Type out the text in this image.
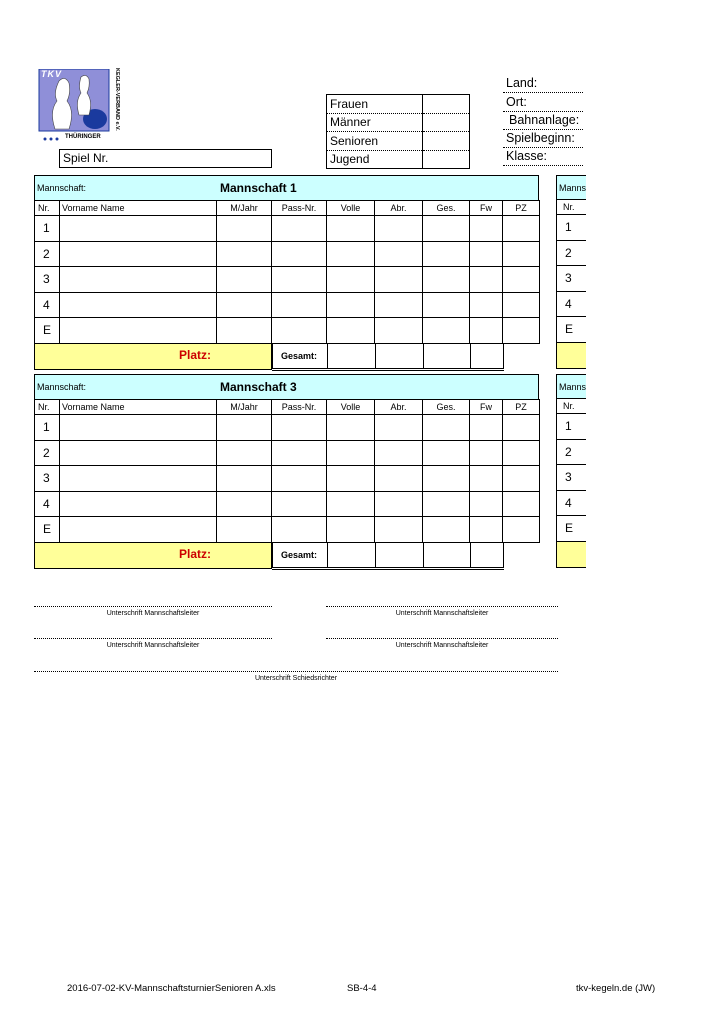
TKV
THÜRINGER
KEGLER-VERBAND e.V.	Frauen	
Männer	
Senioren	
Jugend	
Land:
Ort:
Bahnanlage:
Spielbeginn:
Klasse:
Spiel Nr.
Mannschaft:	Mannschaft 1
Nr.	Vorname Name	M/Jahr	Pass-Nr.	Volle	Abr.	Ges.	Fw	PZ
1								
2								
3								
4								
E								
Platz:	Gesamt:				
Mannschaft:	Mannschaft 3
Nr.	Vorname Name	M/Jahr	Pass-Nr.	Volle	Abr.	Ges.	Fw	PZ
1								
2								
3								
4								
E								
Platz:	Gesamt:				
Manns
Nr.
1
2
3
4
E
Manns
Nr.
1
2
3
4
E
Unterschrift Mannschaftsleiter	Unterschrift Mannschaftsleiter
Unterschrift Mannschaftsleiter	Unterschrift Mannschaftsleiter
Unterschrift Schiedsrichter
2016-07-02-KV-MannschaftsturnierSenioren A.xls	SB-4-4	tkv-kegeln.de (JW)
